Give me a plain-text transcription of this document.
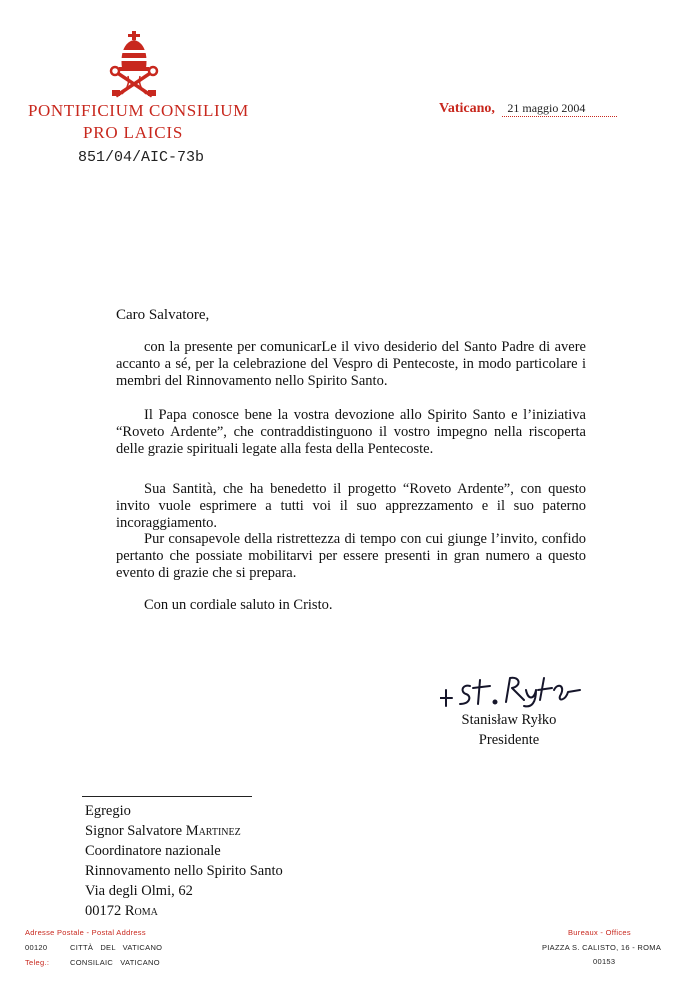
PONTIFICIUM CONSILIUM
PRO LAICIS
851/04/AIC-73b
Vaticano, 21 maggio 2004
Caro Salvatore,
con la presente per comunicarLe il vivo desiderio del Santo Padre di avere accanto a sé, per la celebrazione del Vespro di Pentecoste, in modo particolare i membri del Rinnovamento nello Spirito Santo.
Il Papa conosce bene la vostra devozione allo Spirito Santo e l’iniziativa “Roveto Ardente”, che contraddistinguono il vostro impegno nella riscoperta delle grazie spirituali legate alla festa della Pentecoste.
Sua Santità, che ha benedetto il progetto “Roveto Ardente”, con questo invito vuole esprimere a tutti voi il suo apprezzamento e il suo paterno incoraggiamento.
Pur consapevole della ristrettezza di tempo con cui giunge l’invito, confido pertanto che possiate mobilitarvi per essere presenti in gran numero a questo evento di grazie che si prepara.
Con un cordiale saluto in Cristo.
Stanisław Ryłko
Presidente
Egregio
Signor Salvatore Martinez
Coordinatore nazionale
Rinnovamento nello Spirito Santo
Via degli Olmi, 62
00172 Roma
Adresse Postale - Postal Address
00120	CITTÀ   DEL   VATICANO
Teleg.:	CONSILAIC   VATICANO
Bureaux - Offices
PIAZZA S. CALISTO, 16 - ROMA
00153
